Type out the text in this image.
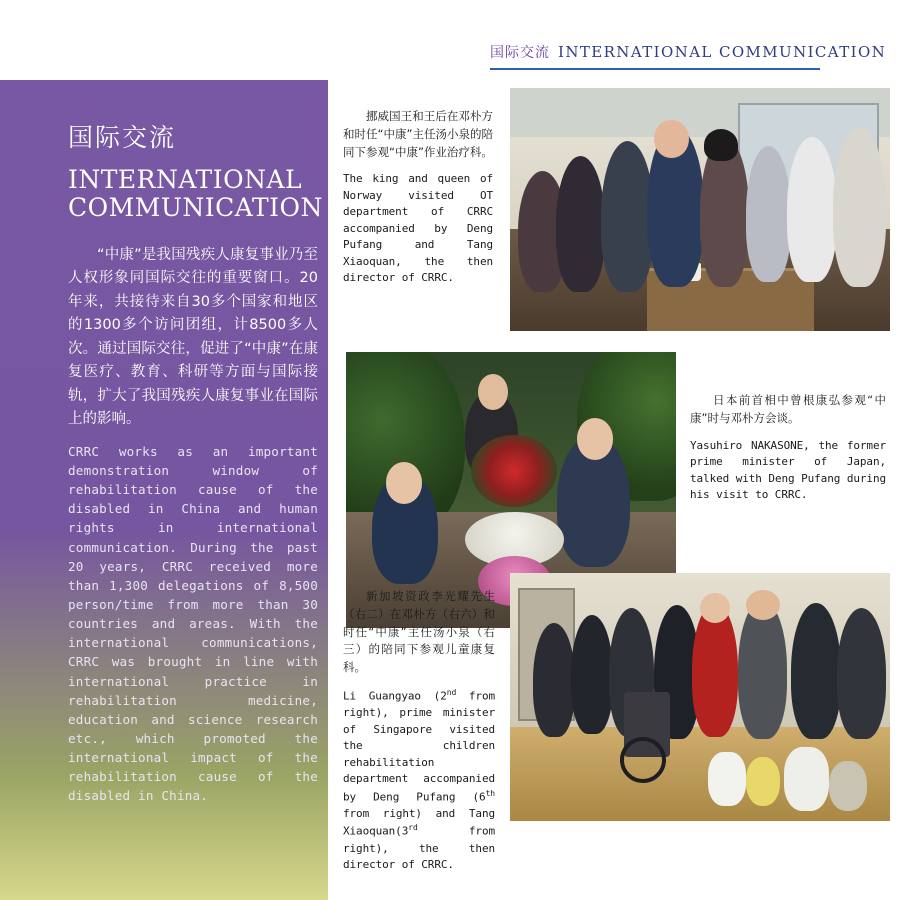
国际交流 INTERNATIONAL COMMUNICATION
国际交流
INTERNATIONAL COMMUNICATION

“中康”是我国残疾人康复事业乃至人权形象同国际交往的重要窗口。20年来，共接待来自30多个国家和地区的1300多个访问团组，计8500多人次。通过国际交往，促进了“中康”在康复医疗、教育、科研等方面与国际接轨，扩大了我国残疾人康复事业在国际上的影响。

CRRC works as an important demonstration window of rehabilitation cause of the disabled in China and human rights in international communication. During the past 20 years, CRRC received more than 1,300 delegations of 8,500 person/time from more than 30 countries and areas. With the international communications, CRRC was brought in line with international practice in rehabilitation medicine, education and science research etc., which promoted the international impact of the rehabilitation cause of the disabled in China.

挪威国王和王后在邓朴方和时任“中康”主任汤小泉的陪同下参观“中康”作业治疗科。

The king and queen of Norway visited OT department of CRRC accompanied by Deng Pufang and Tang Xiaoquan, the then director of CRRC.

日本前首相中曾根康弘参观“中康”时与邓朴方会谈。

Yasuhiro NAKASONE, the former prime minister of Japan, talked with Deng Pufang during his visit to CRRC.

新加坡资政李光耀先生（右二）在邓朴方（右六）和时任“中康”主任汤小泉（右三）的陪同下参观儿童康复科。

Li Guangyao (2nd from right), prime minister of Singapore visited the children rehabilitation department accompanied by Deng Pufang (6th from right) and Tang Xiaoquan(3rd from right), the then director of CRRC.
